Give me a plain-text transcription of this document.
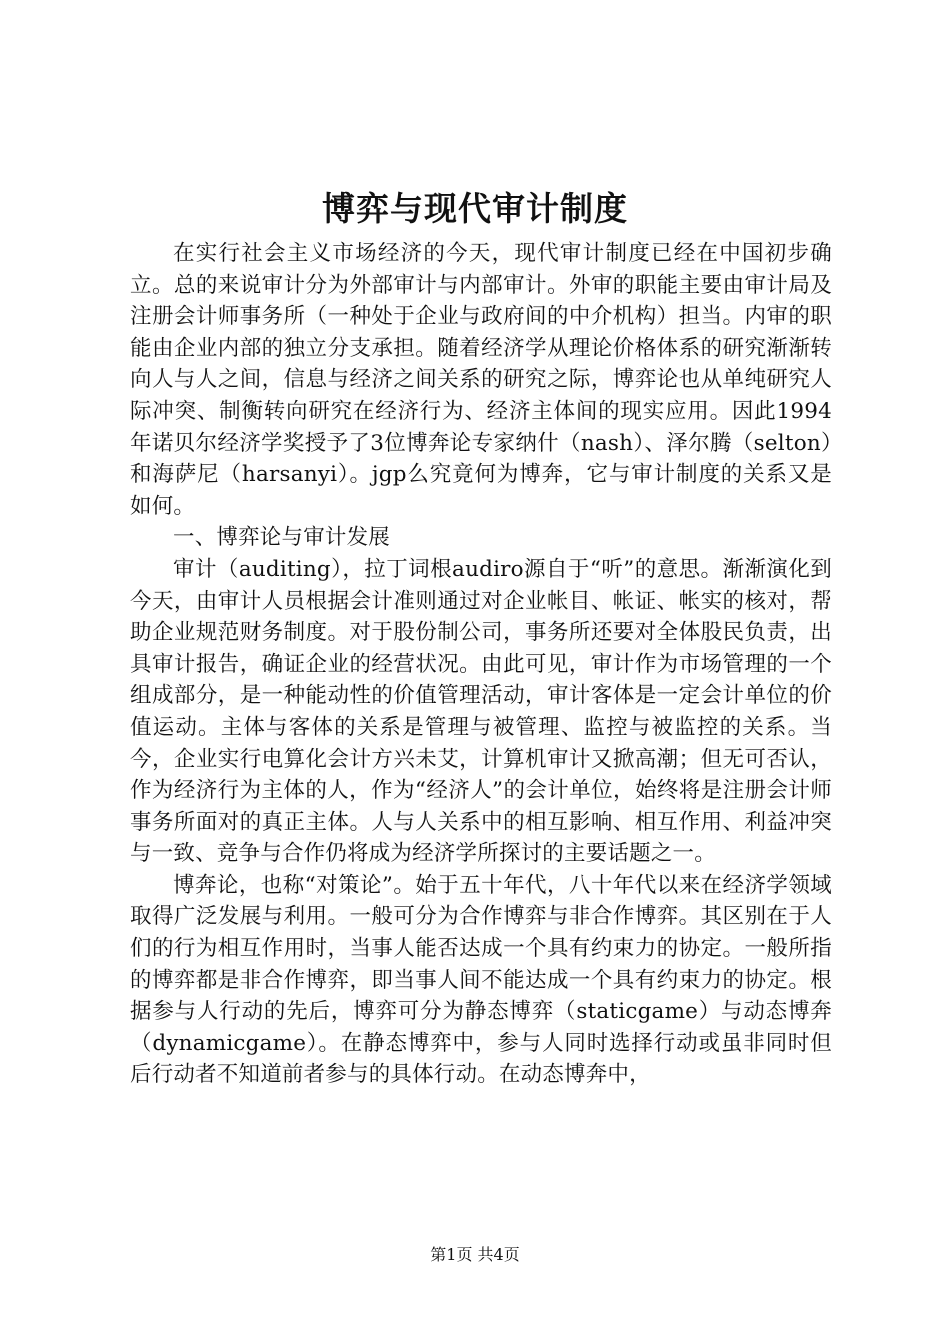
博弈与现代审计制度

在实行社会主义市场经济的今天，现代审计制度已经在中国初步确立。总的来说审计分为外部审计与内部审计。外审的职能主要由审计局及注册会计师事务所（一种处于企业与政府间的中介机构）担当。内审的职能由企业内部的独立分支承担。随着经济学从理论价格体系的研究渐渐转向人与人之间，信息与经济之间关系的研究之际，博弈论也从单纯研究人际冲突、制衡转向研究在经济行为、经济主体间的现实应用。因此1994年诺贝尔经济学奖授予了3位博奔论专家纳什（nash）、泽尔腾（selton）和海萨尼（harsanyi）。jgp么究竟何为博奔，它与审计制度的关系又是如何。

一、博弈论与审计发展

审计（auditing），拉丁词根audiro源自于“听”的意思。渐渐演化到今天，由审计人员根据会计准则通过对企业帐目、帐证、帐实的核对，帮助企业规范财务制度。对于股份制公司，事务所还要对全体股民负责，出具审计报告，确证企业的经营状况。由此可见，审计作为市场管理的一个组成部分，是一种能动性的价值管理活动，审计客体是一定会计单位的价值运动。主体与客体的关系是管理与被管理、监控与被监控的关系。当今，企业实行电算化会计方兴未艾，计算机审计又掀高潮；但无可否认，作为经济行为主体的人，作为“经济人”的会计单位，始终将是注册会计师事务所面对的真正主体。人与人关系中的相互影响、相互作用、利益冲突与一致、竞争与合作仍将成为经济学所探讨的主要话题之一。

博奔论，也称“对策论”。始于五十年代，八十年代以来在经济学领域取得广泛发展与利用。一般可分为合作博弈与非合作博弈。其区别在于人们的行为相互作用时，当事人能否达成一个具有约束力的协定。一般所指的博弈都是非合作博弈，即当事人间不能达成一个具有约束力的协定。根据参与人行动的先后，博弈可分为静态博弈（staticgame）与动态博奔（dynamicgame）。在静态博弈中，参与人同时选择行动或虽非同时但后行动者不知道前者参与的具体行动。在动态博奔中，

第1页 共4页
